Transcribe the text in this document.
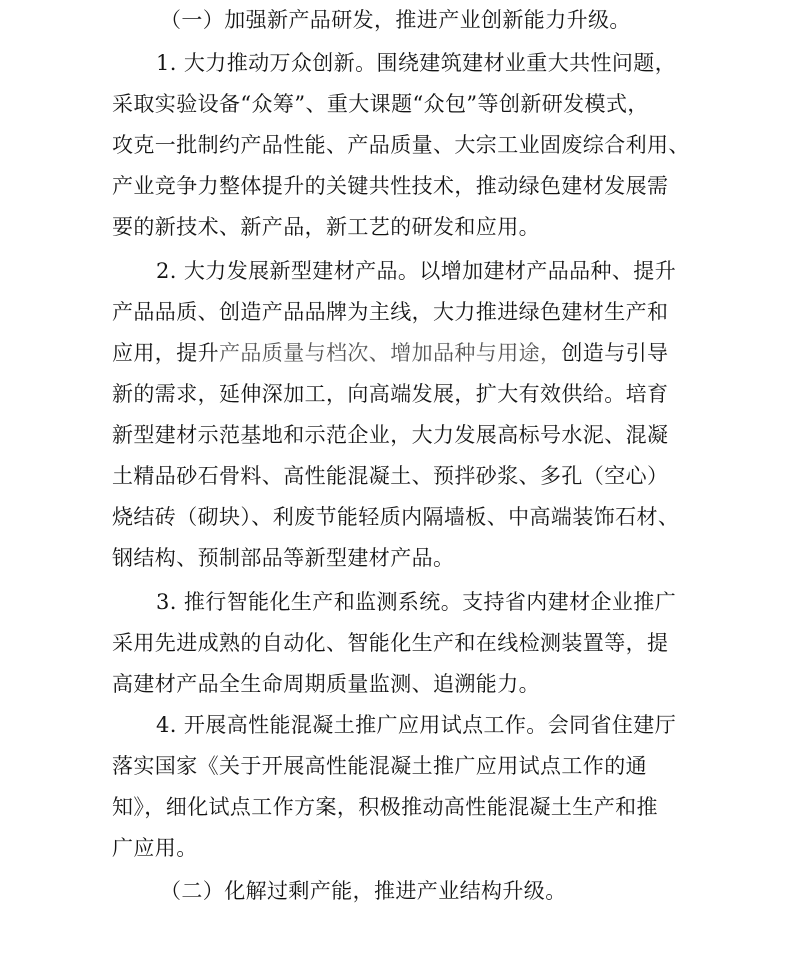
（一）加强新产品研发，推进产业创新能力升级。
1. 大力推动万众创新。围绕建筑建材业重大共性问题，
采取实验设备“众筹”、重大课题“众包”等创新研发模式，
攻克一批制约产品性能、产品质量、大宗工业固废综合利用、
产业竞争力整体提升的关键共性技术，推动绿色建材发展需
要的新技术、新产品，新工艺的研发和应用。
2. 大力发展新型建材产品。以增加建材产品品种、提升
产品品质、创造产品品牌为主线，大力推进绿色建材生产和
应用，提升产品质量与档次、增加品种与用途，创造与引导
新的需求，延伸深加工，向高端发展，扩大有效供给。培育
新型建材示范基地和示范企业，大力发展高标号水泥、混凝
土精品砂石骨料、高性能混凝土、预拌砂浆、多孔（空心）
烧结砖（砌块）、利废节能轻质内隔墙板、中高端装饰石材、
钢结构、预制部品等新型建材产品。
3. 推行智能化生产和监测系统。支持省内建材企业推广
采用先进成熟的自动化、智能化生产和在线检测装置等，提
高建材产品全生命周期质量监测、追溯能力。
4. 开展高性能混凝土推广应用试点工作。会同省住建厅
落实国家《关于开展高性能混凝土推广应用试点工作的通
知》，细化试点工作方案，积极推动高性能混凝土生产和推
广应用。
（二）化解过剩产能，推进产业结构升级。
